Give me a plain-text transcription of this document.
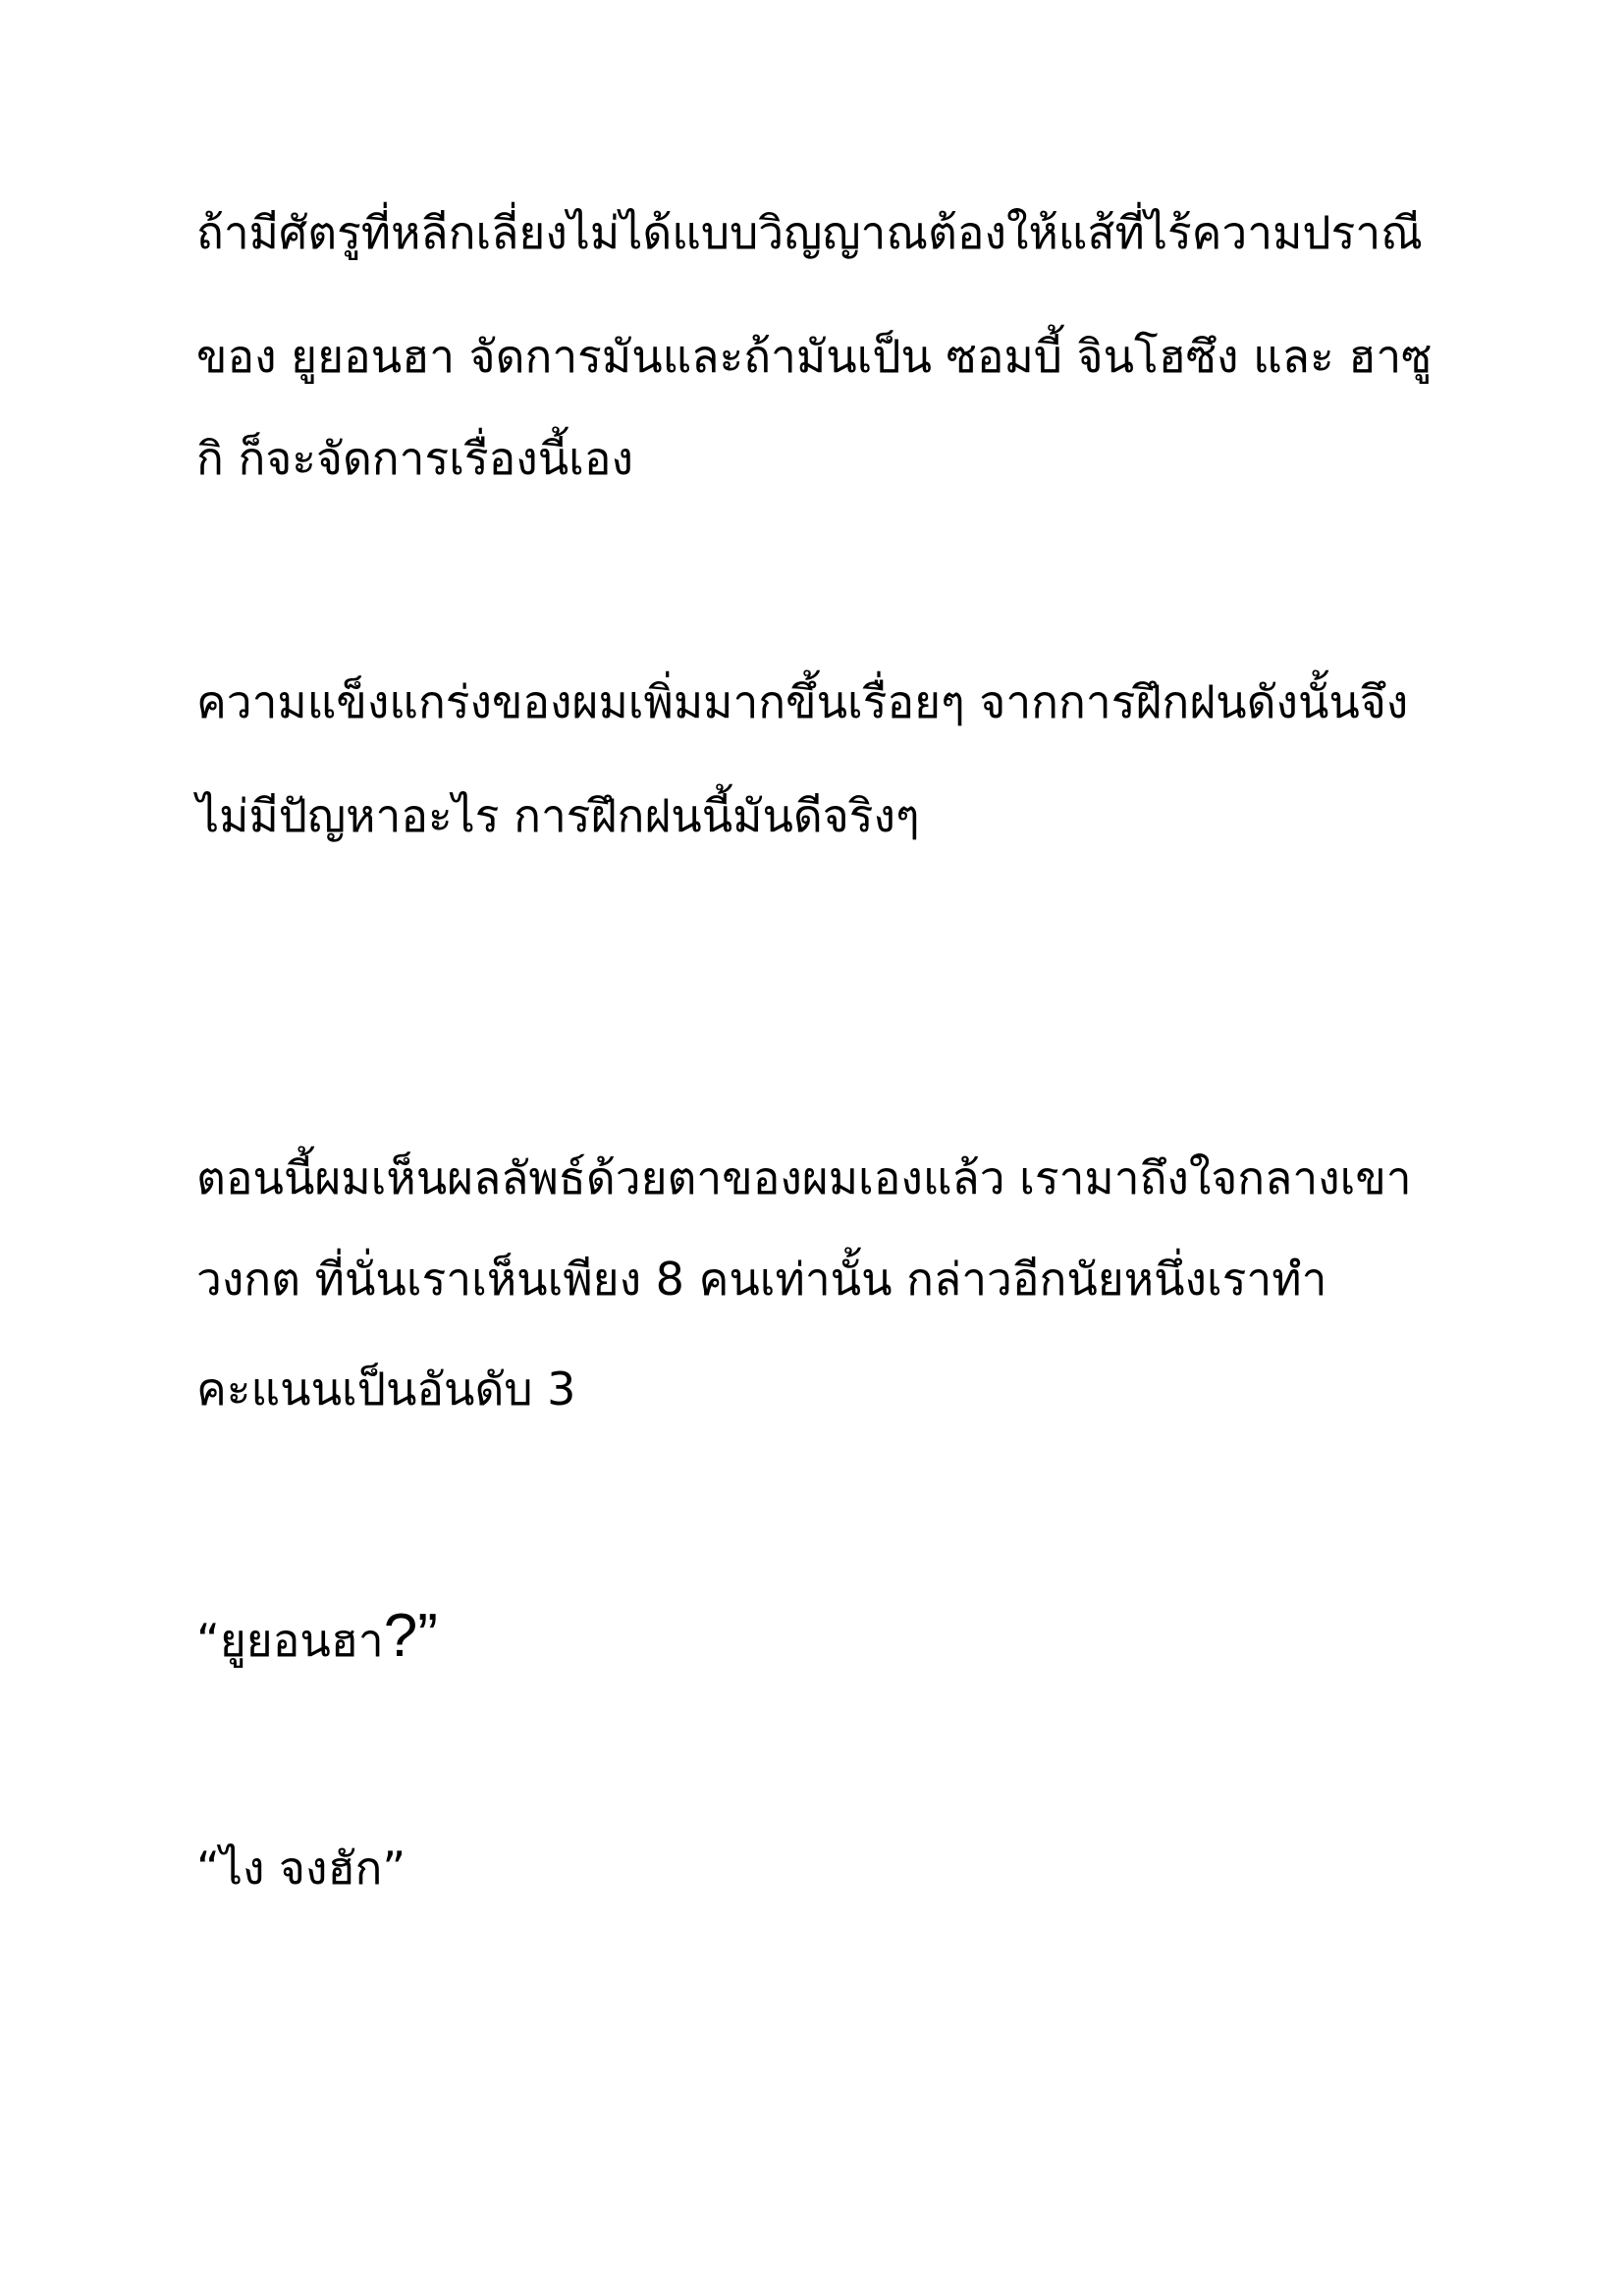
ถ้ามีศัตรูที่หลีกเลี่ยงไม่ได้แบบวิญญาณต้องให้แส้ที่ไร้ความปราณี

ของ ยูยอนฮา จัดการมันและถ้ามันเป็น ซอมบี้ จินโฮซึง และ ฮาซู

กิ ก็จะจัดการเรื่องนี้เอง

ความแข็งแกร่งของผมเพิ่มมากขึ้นเรื่อยๆ จากการฝึกฝนดังนั้นจึง

ไม่มีปัญหาอะไร การฝึกฝนนี้มันดีจริงๆ

ตอนนี้ผมเห็นผลลัพธ์ด้วยตาของผมเองแล้ว เรามาถึงใจกลางเขา

วงกต ที่นั่นเราเห็นเพียง 8 คนเท่านั้น กล่าวอีกนัยหนึ่งเราทำ

คะแนนเป็นอันดับ 3

“ยูยอนฮา?”

“ไง จงฮัก”
